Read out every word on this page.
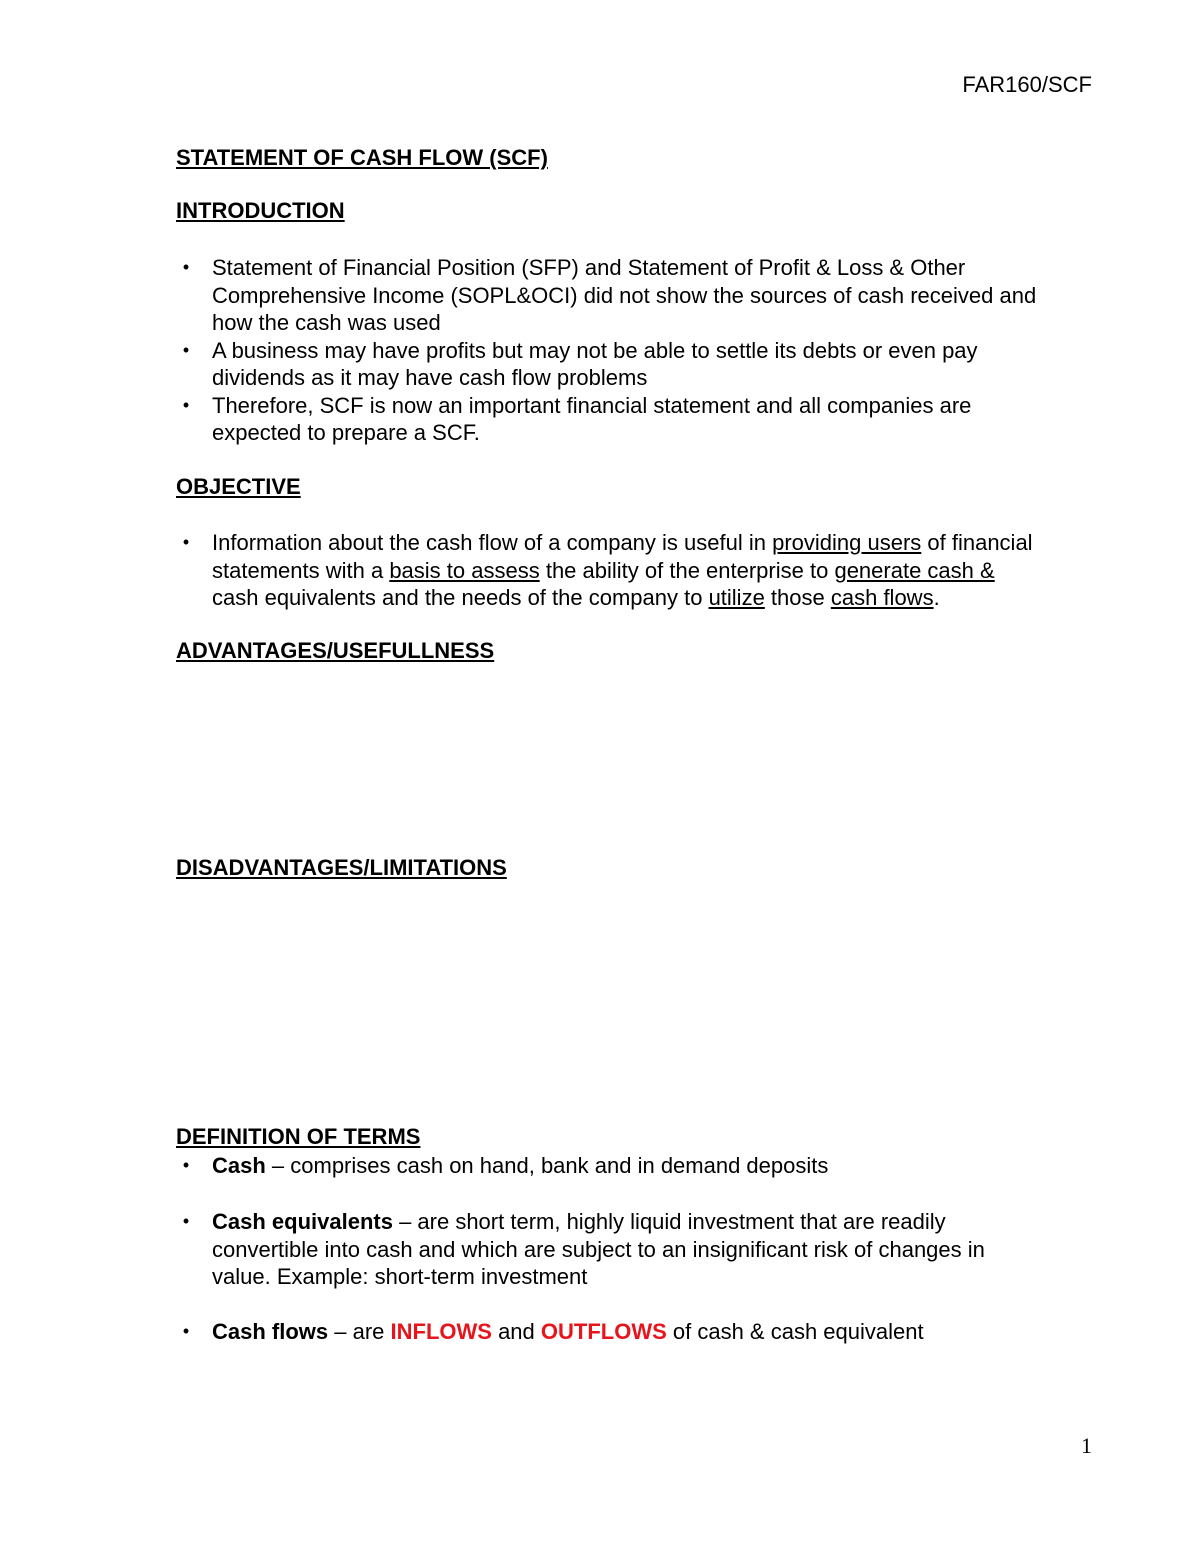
FAR160/SCF
STATEMENT OF CASH FLOW (SCF)
INTRODUCTION
•	Statement of Financial Position (SFP) and Statement of Profit & Loss & Other
Comprehensive Income (SOPL&OCI) did not show the sources of cash received and
how the cash was used
•	A business may have profits but may not be able to settle its debts or even pay
dividends as it may have cash flow problems
•	Therefore, SCF is now an important financial statement and all companies are
expected to prepare a SCF.
OBJECTIVE
•	Information about the cash flow of a company is useful in providing users of financial
statements with a basis to assess the ability of the enterprise to generate cash &
cash equivalents and the needs of the company to utilize those cash flows.
ADVANTAGES/USEFULLNESS
DISADVANTAGES/LIMITATIONS
DEFINITION OF TERMS
•	Cash – comprises cash on hand, bank and in demand deposits
•	Cash equivalents – are short term, highly liquid investment that are readily
convertible into cash and which are subject to an insignificant risk of changes in
value. Example: short-term investment
•	Cash flows – are INFLOWS and OUTFLOWS of cash & cash equivalent
1
